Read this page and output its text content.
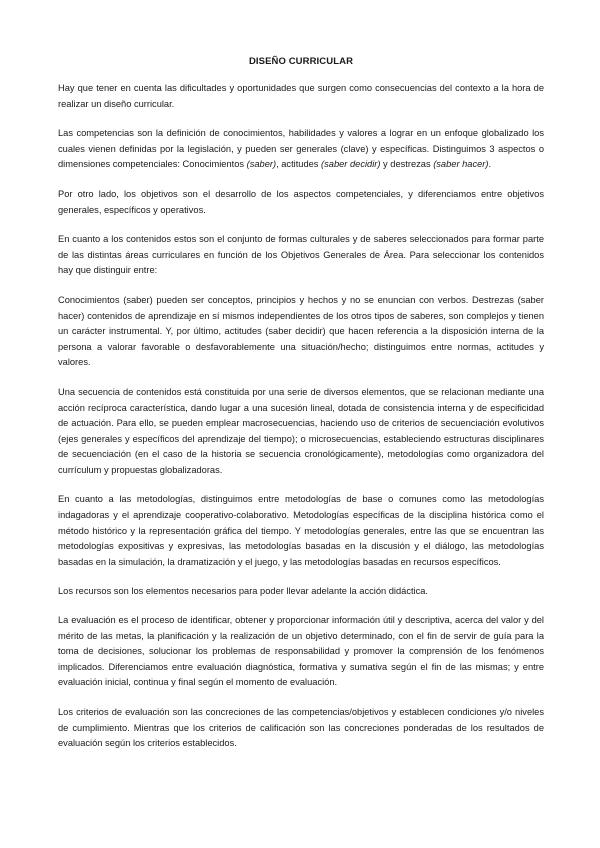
DISEÑO CURRICULAR

Hay que tener en cuenta las dificultades y oportunidades que surgen como consecuencias del contexto a la hora de realizar un diseño curricular.

Las competencias son la definición de conocimientos, habilidades y valores a lograr en un enfoque globalizado los cuales vienen definidas por la legislación, y pueden ser generales (clave) y específicas. Distinguimos 3 aspectos o dimensiones competenciales: Conocimientos (saber), actitudes (saber decidir) y destrezas (saber hacer).

Por otro lado, los objetivos son el desarrollo de los aspectos competenciales, y diferenciamos entre objetivos generales, específicos y operativos.

En cuanto a los contenidos estos son el conjunto de formas culturales y de saberes seleccionados para formar parte de las distintas áreas curriculares en función de los Objetivos Generales de Área. Para seleccionar los contenidos hay que distinguir entre:

Conocimientos (saber) pueden ser conceptos, principios y hechos y no se enuncian con verbos. Destrezas (saber hacer) contenidos de aprendizaje en sí mismos independientes de los otros tipos de saberes, son complejos y tienen un carácter instrumental. Y, por último, actitudes (saber decidir) que hacen referencia a la disposición interna de la persona a valorar favorable o desfavorablemente una situación/hecho; distinguimos entre normas, actitudes y valores.

Una secuencia de contenidos está constituida por una serie de diversos elementos, que se relacionan mediante una acción recíproca característica, dando lugar a una sucesión lineal, dotada de consistencia interna y de especificidad de actuación. Para ello, se pueden emplear macrosecuencias, haciendo uso de criterios de secuenciación evolutivos (ejes generales y específicos del aprendizaje del tiempo); o microsecuencias, estableciendo estructuras disciplinares de secuenciación (en el caso de la historia se secuencia cronológicamente), metodologías como organizadora del currículum y propuestas globalizadoras.

En cuanto a las metodologías, distinguimos entre metodologías de base o comunes como las metodologías indagadoras y el aprendizaje cooperativo-colaborativo. Metodologías específicas de la disciplina histórica como el método histórico y la representación gráfica del tiempo. Y metodologías generales, entre las que se encuentran las metodologías expositivas y expresivas, las metodologías basadas en la discusión y el diálogo, las metodologías basadas en la simulación, la dramatización y el juego, y las metodologías basadas en recursos específicos.

Los recursos son los elementos necesarios para poder llevar adelante la acción didáctica.

La evaluación es el proceso de identificar, obtener y proporcionar información útil y descriptiva, acerca del valor y del mérito de las metas, la planificación y la realización de un objetivo determinado, con el fin de servir de guía para la toma de decisiones, solucionar los problemas de responsabilidad y promover la comprensión de los fenómenos implicados. Diferenciamos entre evaluación diagnóstica, formativa y sumativa según el fin de las mismas; y entre evaluación inicial, continua y final según el momento de evaluación.

Los criterios de evaluación son las concreciones de las competencias/objetivos y establecen condiciones y/o niveles de cumplimiento. Mientras que los criterios de calificación son las concreciones ponderadas de los resultados de evaluación según los criterios establecidos.
